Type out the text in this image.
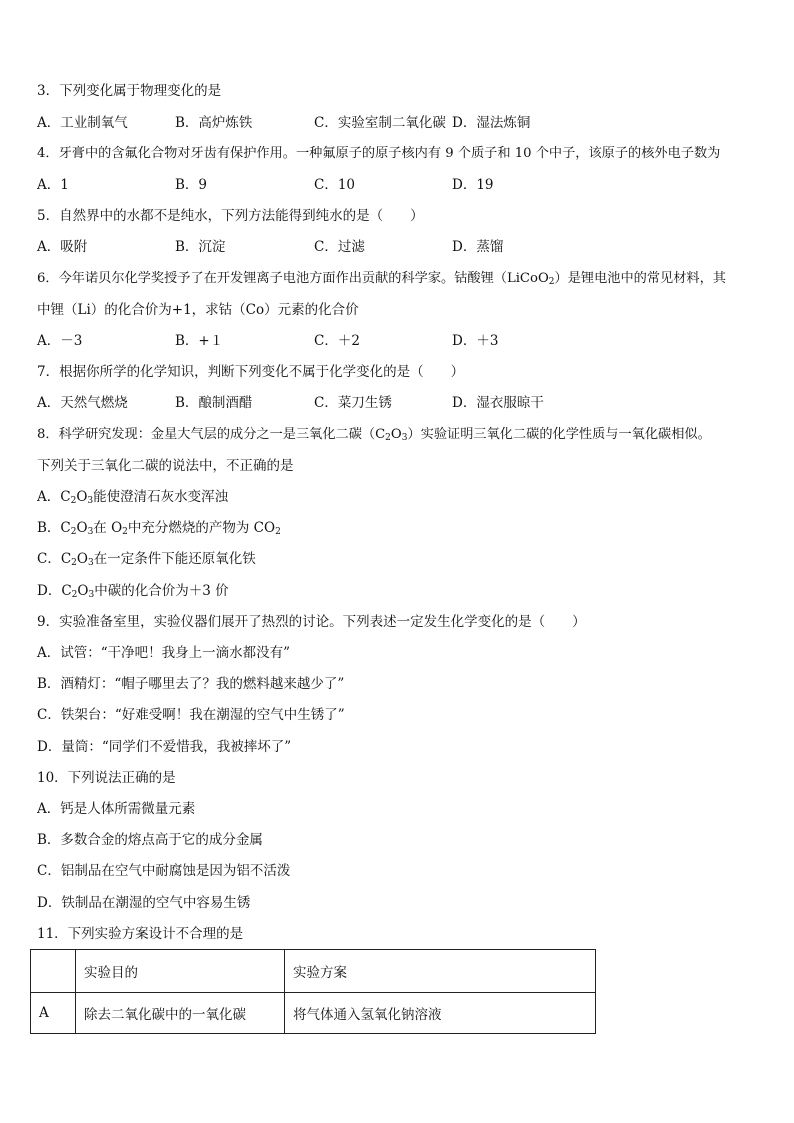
3．下列变化属于物理变化的是
A．工业制氧气	B．高炉炼铁	C．实验室制二氧化碳 D．湿法炼铜
4．牙膏中的含氟化合物对牙齿有保护作用。一种氟原子的原子核内有 9 个质子和 10 个中子，该原子的核外电子数为
A．1	B．9	C．10	D．19
5．自然界中的水都不是纯水，下列方法能得到纯水的是（　　）
A．吸附	B．沉淀	C．过滤	D．蒸馏
6．今年诺贝尔化学奖授予了在开发锂离子电池方面作出贡献的科学家。钴酸锂（LiCoO$_2$）是锂电池中的常见材料，其
中锂（Li）的化合价为+1，求钴（Co）元素的化合价
A．－3	B．+１	C．＋2	D．＋3
7．根据你所学的化学知识，判断下列变化不属于化学变化的是（　　）
A．天然气燃烧	B．酿制酒醋	C．菜刀生锈	D．湿衣服晾干
8．科学研究发现：金星大气层的成分之一是三氧化二碳$(C_2O_3)$实验证明三氧化二碳的化学性质与一氧化碳相似。
下列关于三氧化二碳的说法中，不正确的是
A．$C_2O_3$能使澄清石灰水变浑浊
B．$C_2O_3$在 $O_2$中充分燃烧的产物为 $CO_2$
C．$C_2O_3$在一定条件下能还原氧化铁
D．$C_2O_3$中碳的化合价为＋3 价
9．实验准备室里，实验仪器们展开了热烈的讨论。下列表述一定发生化学变化的是（　　）
A．试管：“干净吧！我身上一滴水都没有”
B．酒精灯：“帽子哪里去了？我的燃料越来越少了”
C．铁架台：“好难受啊！我在潮湿的空气中生锈了”
D．量筒：“同学们不爱惜我，我被摔坏了”
10．下列说法正确的是
A．钙是人体所需微量元素
B．多数合金的熔点高于它的成分金属
C．铝制品在空气中耐腐蚀是因为铝不活泼
D．铁制品在潮湿的空气中容易生锈
11．下列实验方案设计不合理的是
	实验目的	实验方案
A	除去二氧化碳中的一氧化碳	将气体通入氢氧化钠溶液
